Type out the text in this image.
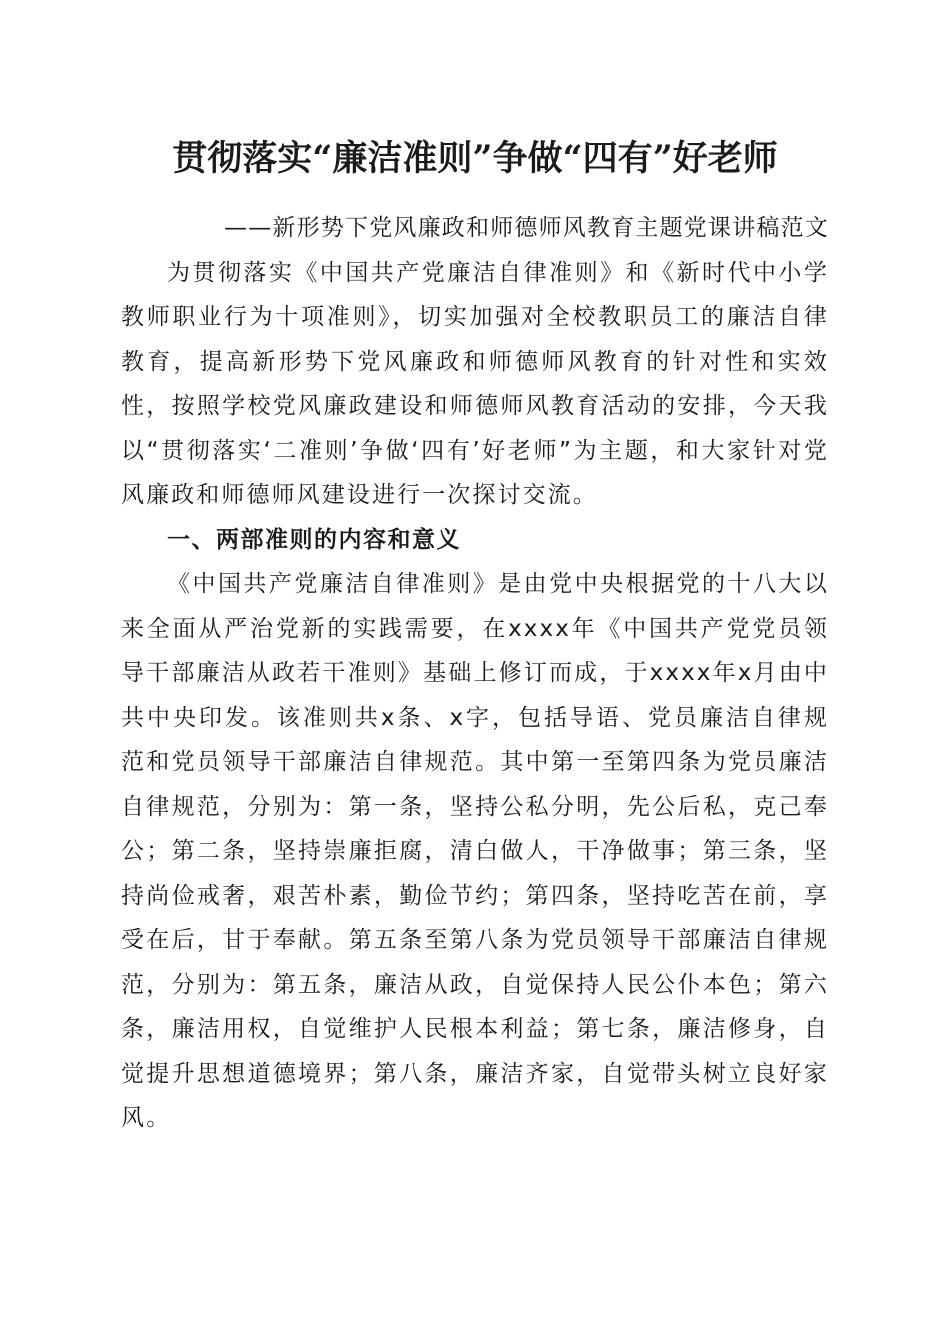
贯彻落实“廉洁准则”争做“四有”好老师

——新形势下党风廉政和师德师风教育主题党课讲稿范文

为贯彻落实《中国共产党廉洁自律准则》和《新时代中小学教师职业行为十项准则》，切实加强对全校教职员工的廉洁自律教育，提高新形势下党风廉政和师德师风教育的针对性和实效性，按照学校党风廉政建设和师德师风教育活动的安排，今天我以“贯彻落实‘二准则’争做‘四有’好老师”为主题，和大家针对党风廉政和师德师风建设进行一次探讨交流。

一、两部准则的内容和意义

《中国共产党廉洁自律准则》是由党中央根据党的十八大以来全面从严治党新的实践需要，在xxxx年《中国共产党党员领导干部廉洁从政若干准则》基础上修订而成，于xxxx年x月由中共中央印发。该准则共x条、x字，包括导语、党员廉洁自律规范和党员领导干部廉洁自律规范。其中第一至第四条为党员廉洁自律规范，分别为：第一条，坚持公私分明，先公后私，克己奉公；第二条，坚持崇廉拒腐，清白做人，干净做事；第三条，坚持尚俭戒奢，艰苦朴素，勤俭节约；第四条，坚持吃苦在前，享受在后，甘于奉献。第五条至第八条为党员领导干部廉洁自律规范，分别为：第五条，廉洁从政，自觉保持人民公仆本色；第六条，廉洁用权，自觉维护人民根本利益；第七条，廉洁修身，自觉提升思想道德境界；第八条，廉洁齐家，自觉带头树立良好家风。
